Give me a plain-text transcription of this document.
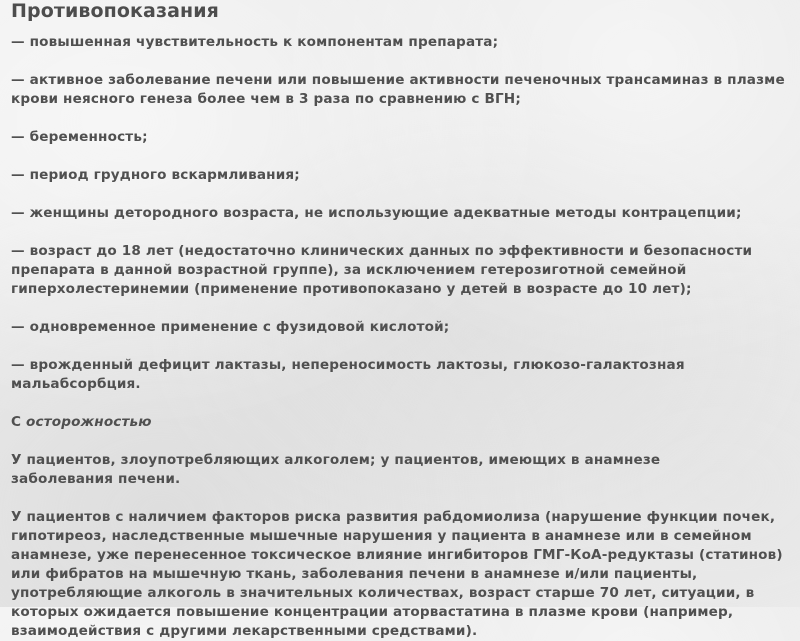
Противопоказания

— повышенная чувствительность к компонентам препарата;

— активное заболевание печени или повышение активности печеночных трансаминаз в плазме крови неясного генеза более чем в 3 раза по сравнению с ВГН;

— беременность;

— период грудного вскармливания;

— женщины детородного возраста, не использующие адекватные методы контрацепции;

— возраст до 18 лет (недостаточно клинических данных по эффективности и безопасности препарата в данной возрастной группе), за исключением гетерозиготной семейной гиперхолестеринемии (применение противопоказано у детей в возрасте до 10 лет);

— одновременное применение с фузидовой кислотой;

— врожденный дефицит лактазы, непереносимость лактозы, глюкозо-галактозная мальабсорбция.

С осторожностью

У пациентов, злоупотребляющих алкоголем; у пациентов, имеющих в анамнезе заболевания печени.

У пациентов с наличием факторов риска развития рабдомиолиза (нарушение функции почек, гипотиреоз, наследственные мышечные нарушения у пациента в анамнезе или в семейном анамнезе, уже перенесенное токсическое влияние ингибиторов ГМГ-КоА-редуктазы (статинов) или фибратов на мышечную ткань, заболевания печени в анамнезе и/или пациенты, употребляющие алкоголь в значительных количествах, возраст старше 70 лет, ситуации, в которых ожидается повышение концентрации аторвастатина в плазме крови (например, взаимодействия с другими лекарственными средствами).
